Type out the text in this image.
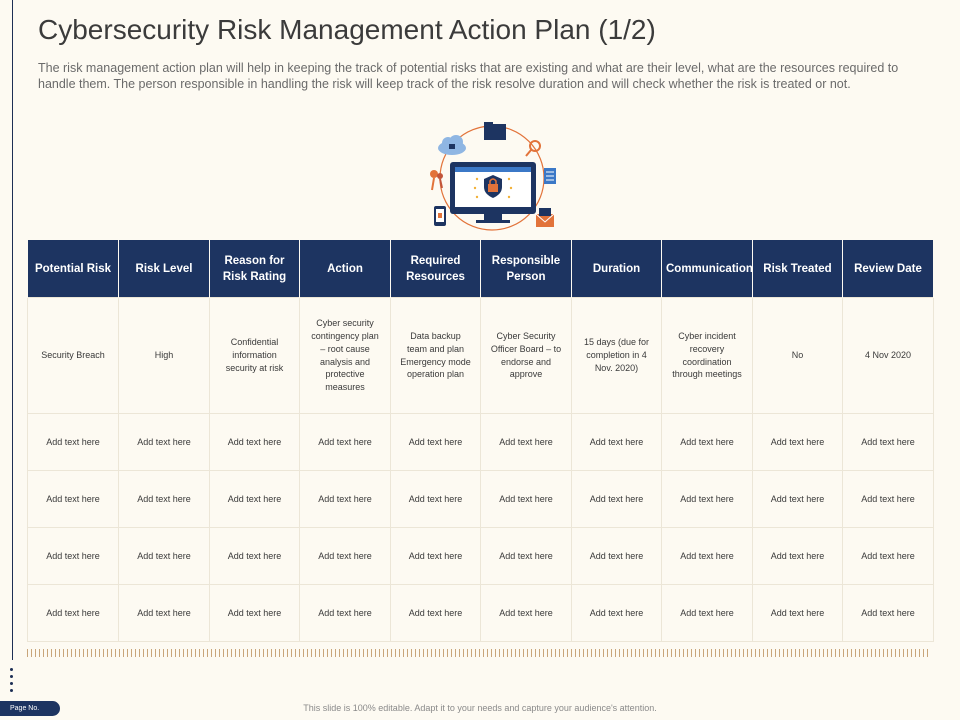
Cybersecurity Risk Management Action Plan (1/2)

The risk management action plan will help in keeping the track of potential risks that are existing and what are their level, what are the resources required to handle them. The person responsible in handling the risk will keep track of the risk resolve duration and will check whether the risk is treated or not.

Potential Risk	Risk Level	Reason for Risk Rating	Action	Required Resources	Responsible Person	Duration	Communication	Risk Treated	Review Date
Security Breach	High	Confidential information security at risk	Cyber security contingency plan – root cause analysis and protective measures	Data backup team and plan Emergency mode operation plan	Cyber Security Officer Board – to endorse and approve	15 days (due for completion in 4 Nov. 2020)	Cyber incident recovery coordination through meetings	No	4 Nov 2020
Add text here	Add text here	Add text here	Add text here	Add text here	Add text here	Add text here	Add text here	Add text here	Add text here
Add text here	Add text here	Add text here	Add text here	Add text here	Add text here	Add text here	Add text here	Add text here	Add text here
Add text here	Add text here	Add text here	Add text here	Add text here	Add text here	Add text here	Add text here	Add text here	Add text here
Add text here	Add text here	Add text here	Add text here	Add text here	Add text here	Add text here	Add text here	Add text here	Add text here
Page No.	This slide is 100% editable. Adapt it to your needs and capture your audience's attention.
